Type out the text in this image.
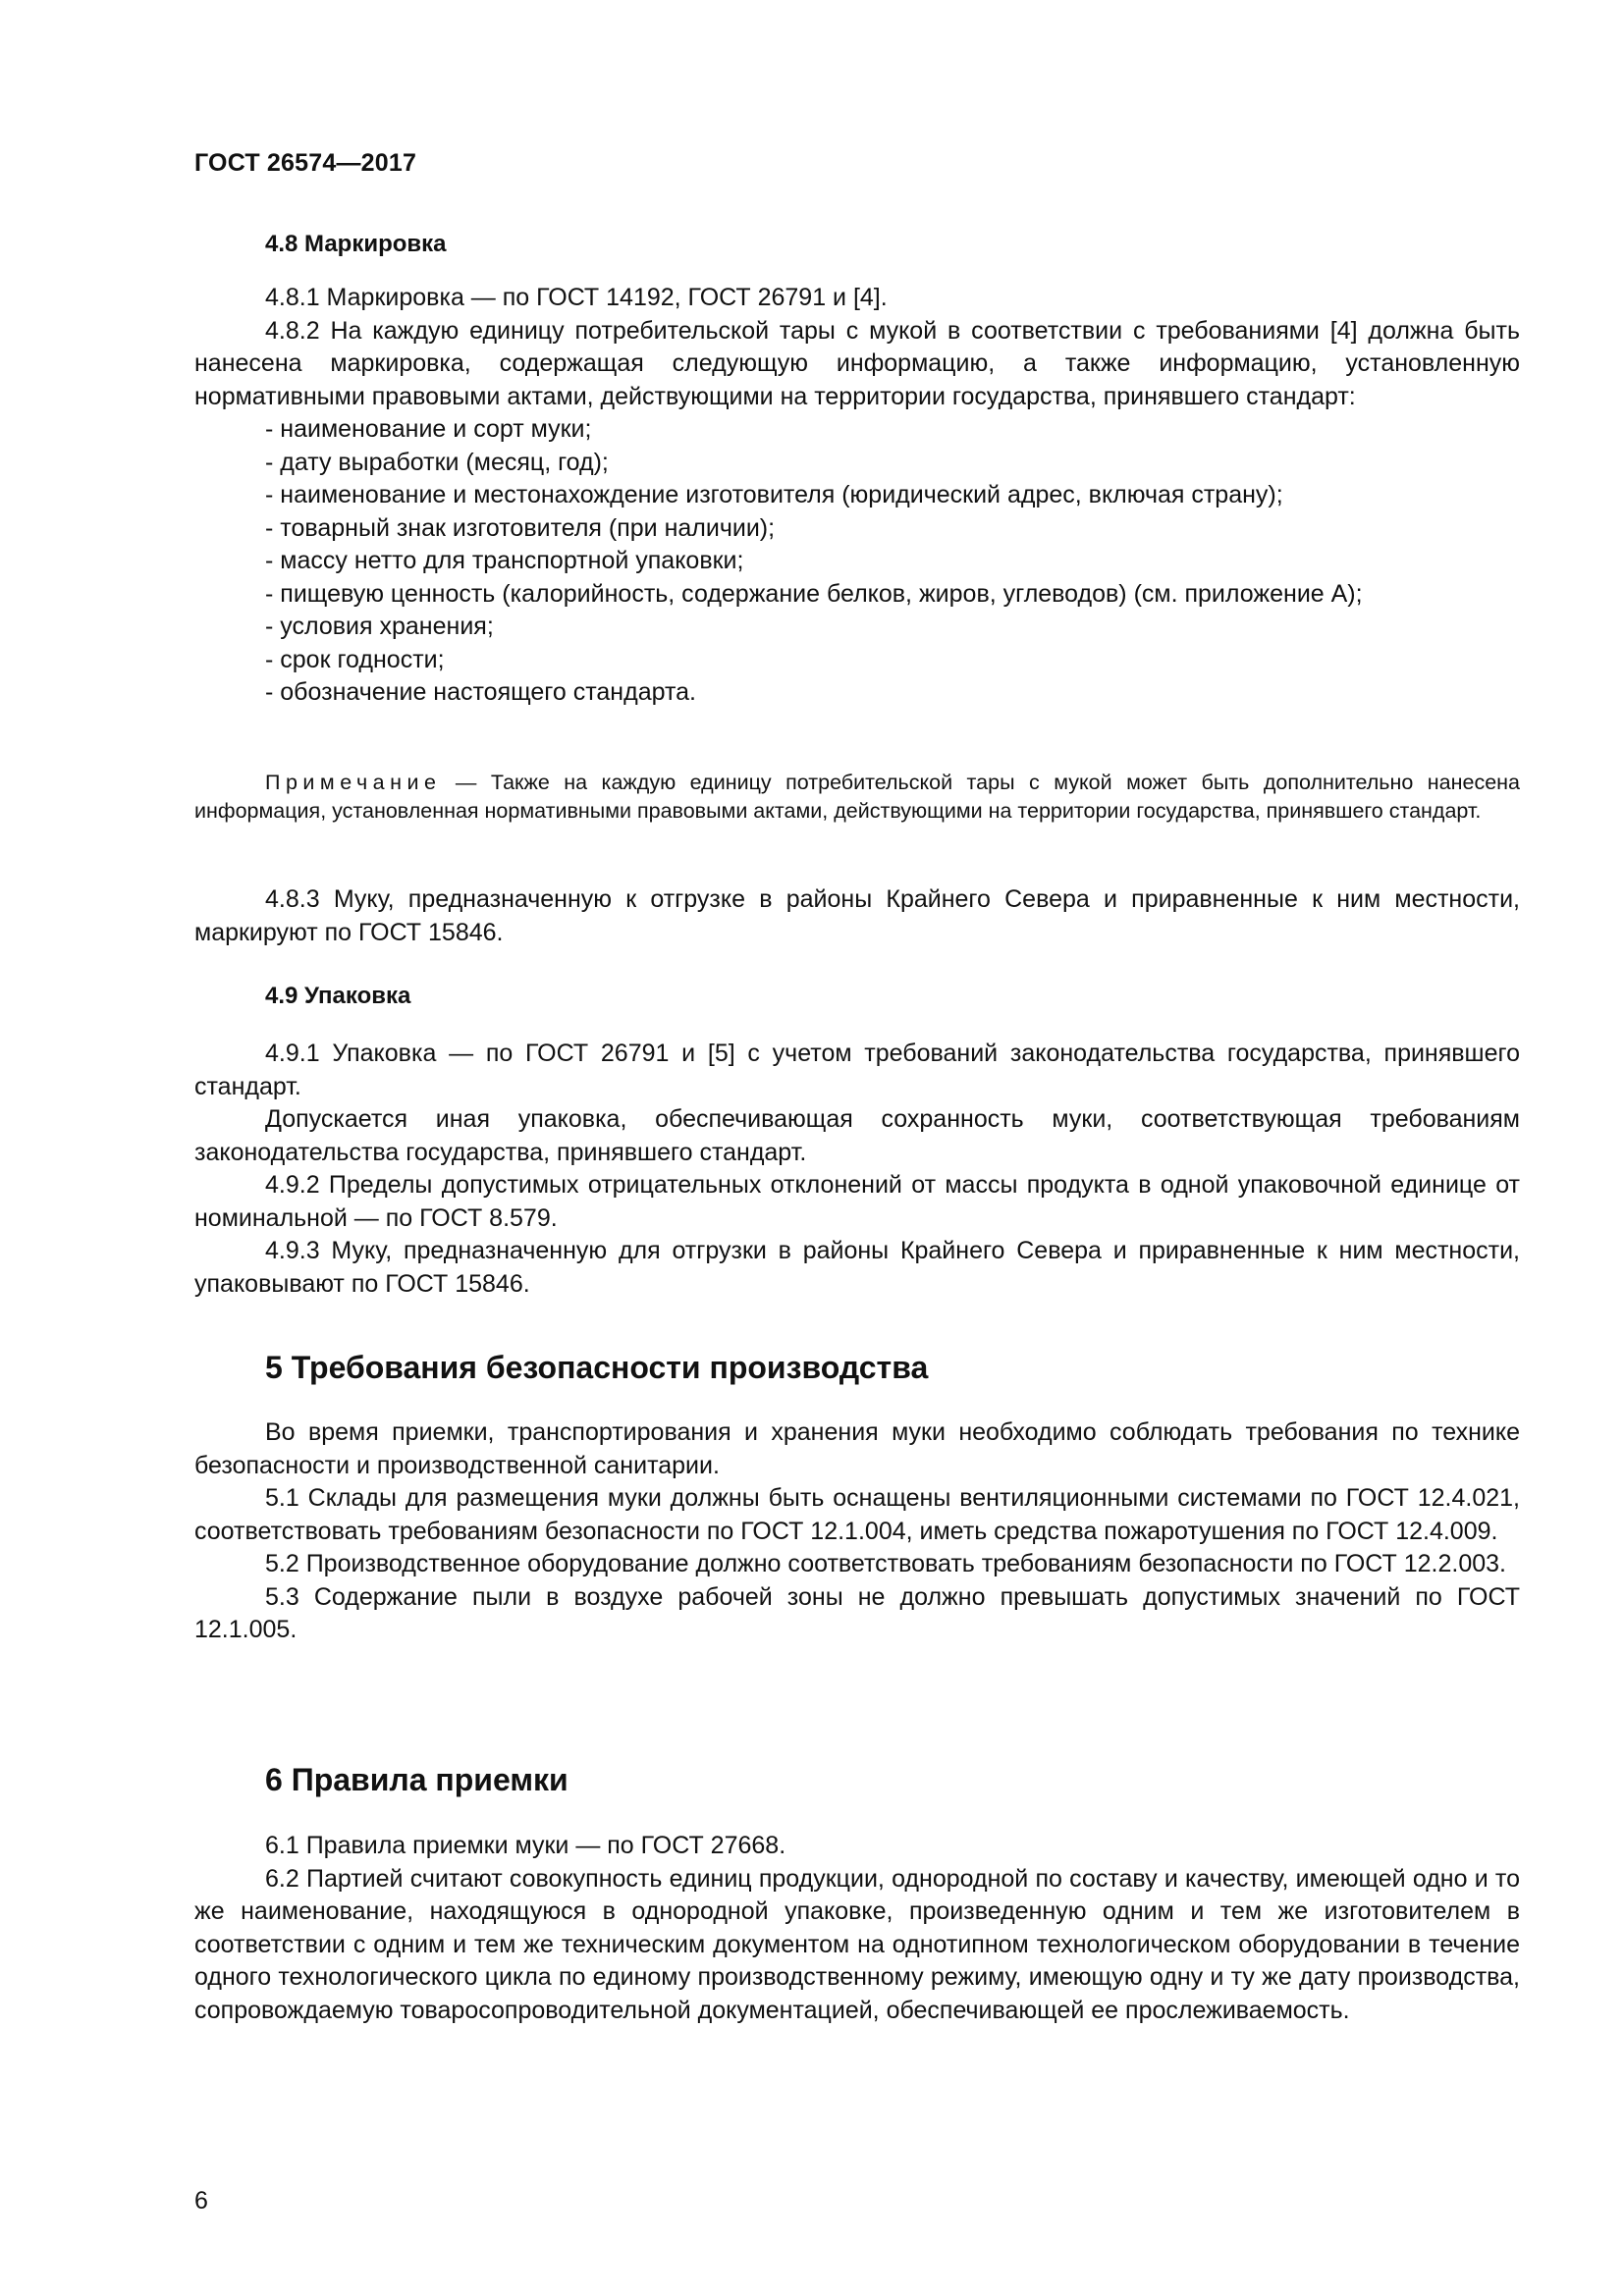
ГОСТ 26574—2017
4.8 Маркировка

4.8.1 Маркировка — по ГОСТ 14192, ГОСТ 26791 и [4].

4.8.2 На каждую единицу потребительской тары с мукой в соответствии с требованиями [4] должна быть нанесена маркировка, содержащая следующую информацию, а также информацию, установленную нормативными правовыми актами, действующими на территории государства, принявшего стандарт:

- наименование и сорт муки;
- дату выработки (месяц, год);
- наименование и местонахождение изготовителя (юридический адрес, включая страну);
- товарный знак изготовителя (при наличии);
- массу нетто для транспортной упаковки;
- пищевую ценность (калорийность, содержание белков, жиров, углеводов) (см. приложение А);
- условия хранения;
- срок годности;
- обозначение настоящего стандарта.

Примечание — Также на каждую единицу потребительской тары с мукой может быть дополнительно нанесена информация, установленная нормативными правовыми актами, действующими на территории государства, принявшего стандарт.

4.8.3 Муку, предназначенную к отгрузке в районы Крайнего Севера и приравненные к ним местности, маркируют по ГОСТ 15846.

4.9 Упаковка

4.9.1 Упаковка — по ГОСТ 26791 и [5] с учетом требований законодательства государства, принявшего стандарт.

Допускается иная упаковка, обеспечивающая сохранность муки, соответствующая требованиям законодательства государства, принявшего стандарт.

4.9.2 Пределы допустимых отрицательных отклонений от массы продукта в одной упаковочной единице от номинальной — по ГОСТ 8.579.

4.9.3 Муку, предназначенную для отгрузки в районы Крайнего Севера и приравненные к ним местности, упаковывают по ГОСТ 15846.

5 Требования безопасности производства

Во время приемки, транспортирования и хранения муки необходимо соблюдать требования по технике безопасности и производственной санитарии.

5.1 Склады для размещения муки должны быть оснащены вентиляционными системами по ГОСТ 12.4.021, соответствовать требованиям безопасности по ГОСТ 12.1.004, иметь средства пожаротушения по ГОСТ 12.4.009.

5.2 Производственное оборудование должно соответствовать требованиям безопасности по ГОСТ 12.2.003.

5.3 Содержание пыли в воздухе рабочей зоны не должно превышать допустимых значений по ГОСТ 12.1.005.

6 Правила приемки

6.1 Правила приемки муки — по ГОСТ 27668.

6.2 Партией считают совокупность единиц продукции, однородной по составу и качеству, имеющей одно и то же наименование, находящуюся в однородной упаковке, произведенную одним и тем же изготовителем в соответствии с одним и тем же техническим документом на однотипном технологическом оборудовании в течение одного технологического цикла по единому производственному режиму, имеющую одну и ту же дату производства, сопровождаемую товаросопроводительной документацией, обеспечивающей ее прослеживаемость.

6
